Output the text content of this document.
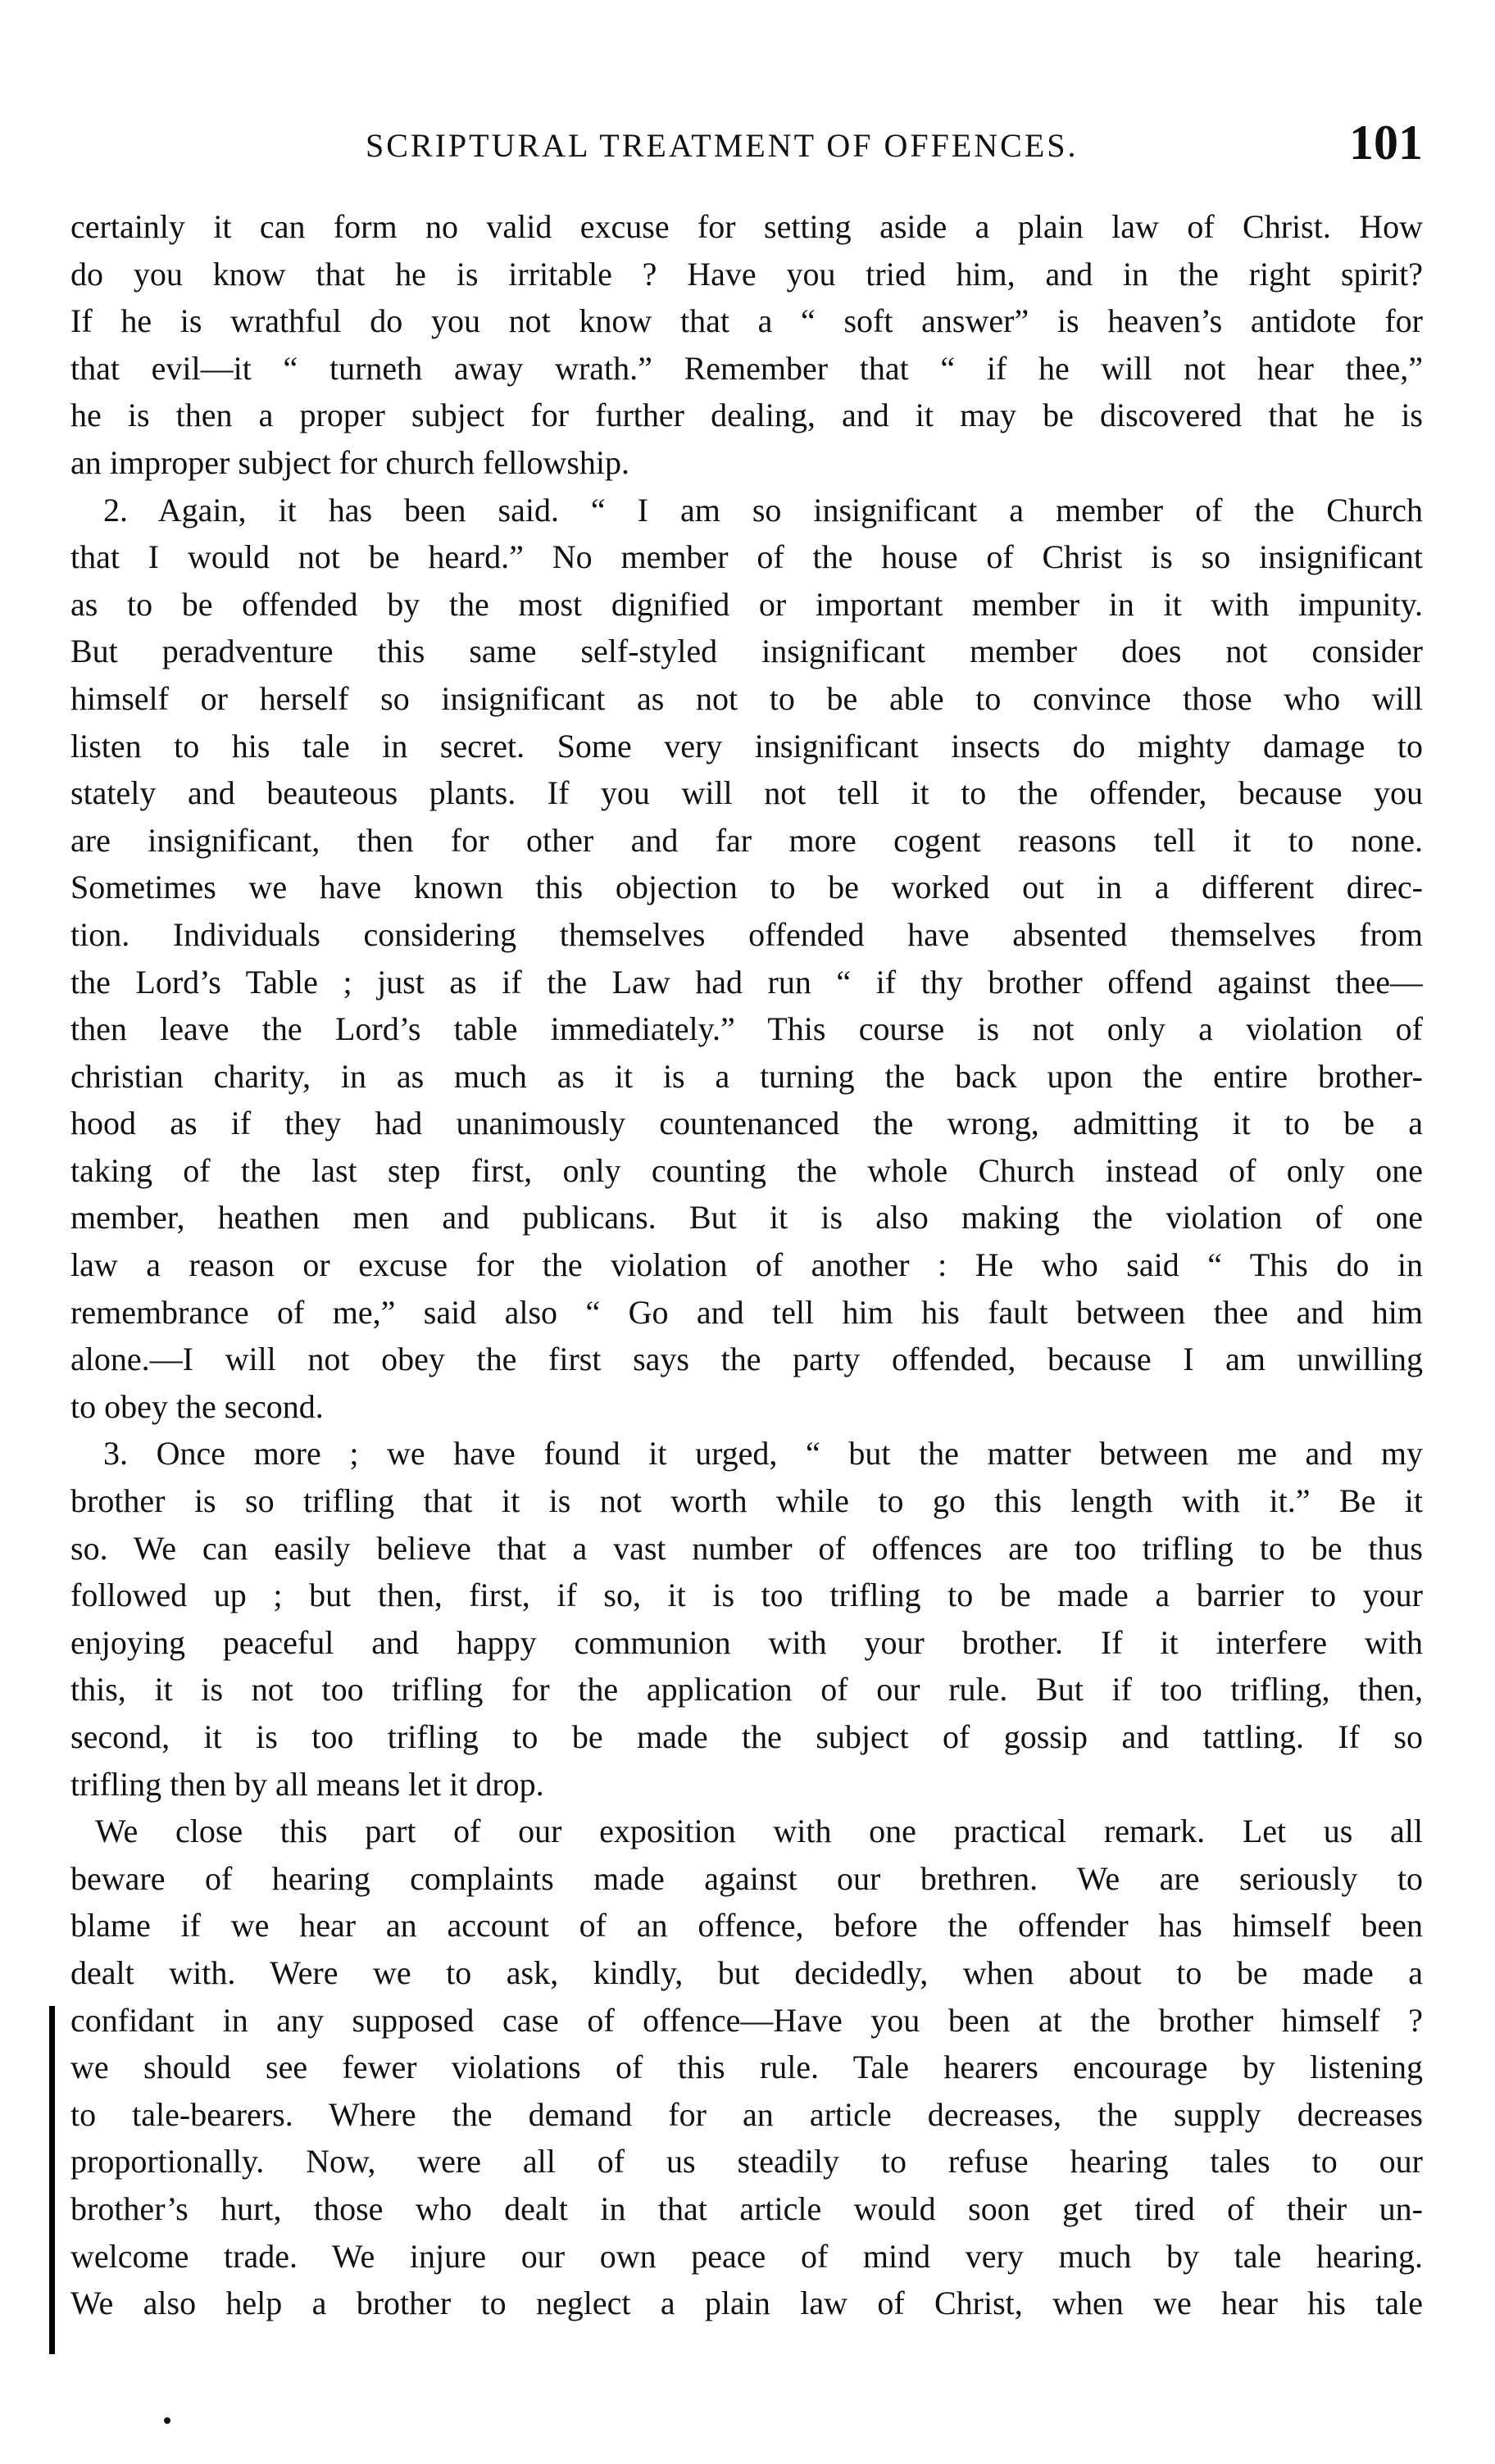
SCRIPTURAL TREATMENT OF OFFENCES.	101
certainly it can form no valid excuse for setting aside a plain law of Christ. How
do you know that he is irritable ? Have you tried him, and in the right spirit?
If he is wrathful do you not know that a “ soft answer” is heaven’s antidote for
that evil—it “ turneth away wrath.” Remember that “ if he will not hear thee,”
he is then a proper subject for further dealing, and it may be discovered that he is
an improper subject for church fellowship.
2. Again, it has been said. “ I am so insignificant a member of the Church
that I would not be heard.” No member of the house of Christ is so insignificant
as to be offended by the most dignified or important member in it with impunity.
But peradventure this same self-styled insignificant member does not consider
himself or herself so insignificant as not to be able to convince those who will
listen to his tale in secret. Some very insignificant insects do mighty damage to
stately and beauteous plants. If you will not tell it to the offender, because you
are insignificant, then for other and far more cogent reasons tell it to none.
Sometimes we have known this objection to be worked out in a different direc-
tion. Individuals considering themselves offended have absented themselves from
the Lord’s Table ; just as if the Law had run “ if thy brother offend against thee—
then leave the Lord’s table immediately.” This course is not only a violation of
christian charity, in as much as it is a turning the back upon the entire brother-
hood as if they had unanimously countenanced the wrong, admitting it to be a
taking of the last step first, only counting the whole Church instead of only one
member, heathen men and publicans. But it is also making the violation of one
law a reason or excuse for the violation of another : He who said “ This do in
remembrance of me,” said also “ Go and tell him his fault between thee and him
alone.—I will not obey the first says the party offended, because I am unwilling
to obey the second.
3. Once more ; we have found it urged, “ but the matter between me and my
brother is so trifling that it is not worth while to go this length with it.” Be it
so. We can easily believe that a vast number of offences are too trifling to be thus
followed up ; but then, first, if so, it is too trifling to be made a barrier to your
enjoying peaceful and happy communion with your brother. If it interfere with
this, it is not too trifling for the application of our rule. But if too trifling, then,
second, it is too trifling to be made the subject of gossip and tattling. If so
trifling then by all means let it drop.
We close this part of our exposition with one practical remark. Let us all
beware of hearing complaints made against our brethren. We are seriously to
blame if we hear an account of an offence, before the offender has himself been
dealt with. Were we to ask, kindly, but decidedly, when about to be made a
confidant in any supposed case of offence—Have you been at the brother himself ?
we should see fewer violations of this rule. Tale hearers encourage by listening
to tale-bearers. Where the demand for an article decreases, the supply decreases
proportionally. Now, were all of us steadily to refuse hearing tales to our
brother’s hurt, those who dealt in that article would soon get tired of their un-
welcome trade. We injure our own peace of mind very much by tale hearing.
We also help a brother to neglect a plain law of Christ, when we hear his tale
